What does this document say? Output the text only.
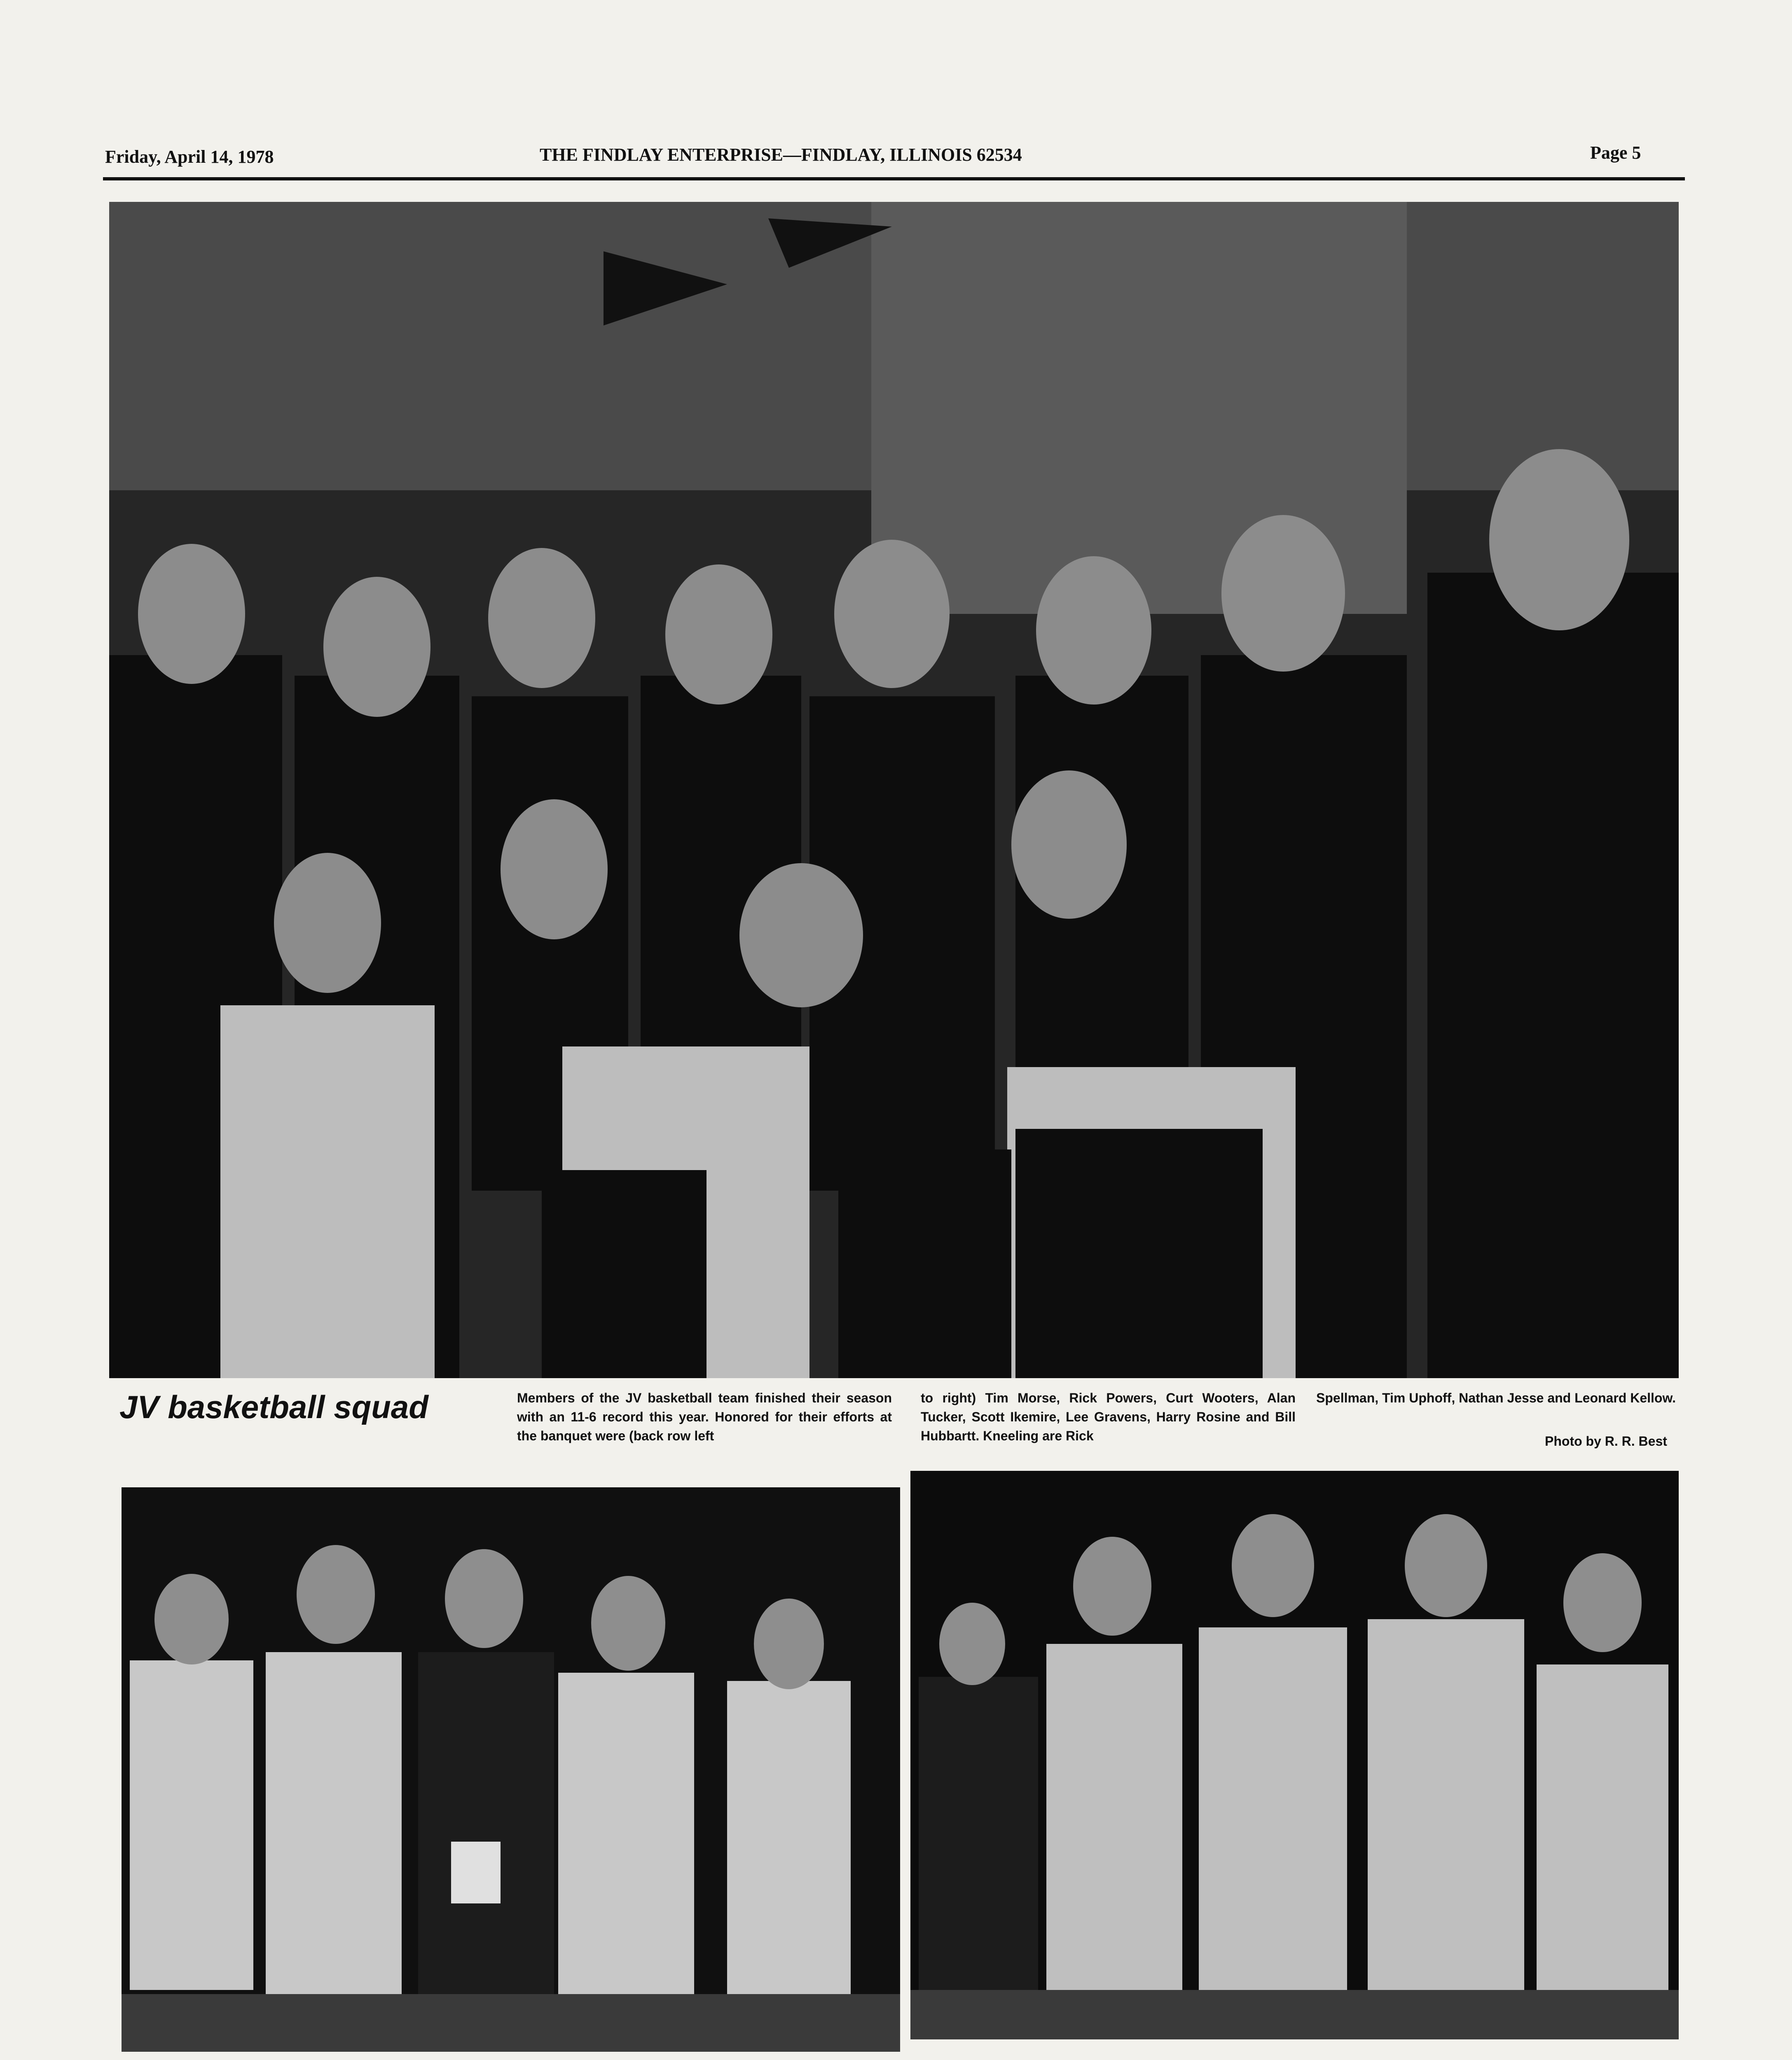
Friday, April 14, 1978	THE FINDLAY ENTERPRISE—FINDLAY, ILLINOIS 62534	Page 5
JV basketball squad	Members of the JV basketball team finished their season with an 11-6 record this year. Honored for their efforts at the banquet were (back row left
to right) Tim Morse, Rick Powers, Curt Wooters, Alan Tucker, Scott Ikemire, Lee Gravens, Harry Rosine and Bill Hubbartt. Kneeling are Rick
Spellman, Tim Uphoff, Nathan Jesse and Leonard Kellow.
Photo by R. R. Best
